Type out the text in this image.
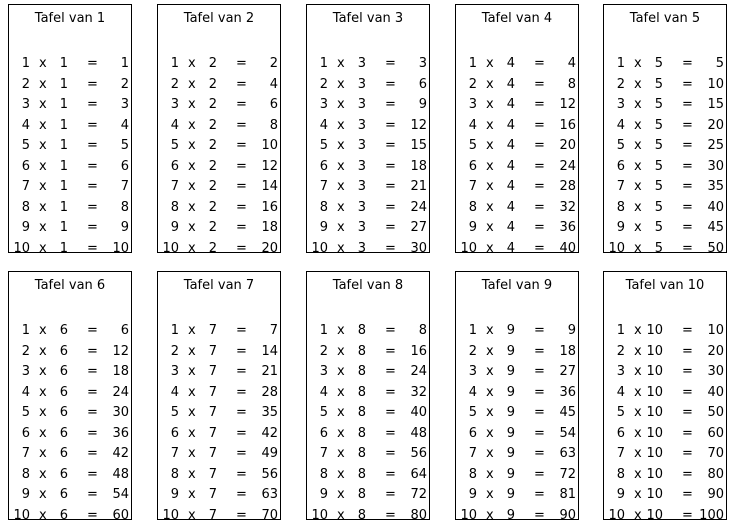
Tafel van 1
1 x 1 = 1
2 x 1 = 2
3 x 1 = 3
4 x 1 = 4
5 x 1 = 5
6 x 1 = 6
7 x 1 = 7
8 x 1 = 8
9 x 1 = 9
10 x 1 = 10
Tafel van 2
1 x 2 = 2
2 x 2 = 4
3 x 2 = 6
4 x 2 = 8
5 x 2 = 10
6 x 2 = 12
7 x 2 = 14
8 x 2 = 16
9 x 2 = 18
10 x 2 = 20
Tafel van 3
1 x 3 = 3
2 x 3 = 6
3 x 3 = 9
4 x 3 = 12
5 x 3 = 15
6 x 3 = 18
7 x 3 = 21
8 x 3 = 24
9 x 3 = 27
10 x 3 = 30
Tafel van 4
1 x 4 = 4
2 x 4 = 8
3 x 4 = 12
4 x 4 = 16
5 x 4 = 20
6 x 4 = 24
7 x 4 = 28
8 x 4 = 32
9 x 4 = 36
10 x 4 = 40
Tafel van 5
1 x 5 = 5
2 x 5 = 10
3 x 5 = 15
4 x 5 = 20
5 x 5 = 25
6 x 5 = 30
7 x 5 = 35
8 x 5 = 40
9 x 5 = 45
10 x 5 = 50
Tafel van 6
1 x 6 = 6
2 x 6 = 12
3 x 6 = 18
4 x 6 = 24
5 x 6 = 30
6 x 6 = 36
7 x 6 = 42
8 x 6 = 48
9 x 6 = 54
10 x 6 = 60
Tafel van 7
1 x 7 = 7
2 x 7 = 14
3 x 7 = 21
4 x 7 = 28
5 x 7 = 35
6 x 7 = 42
7 x 7 = 49
8 x 7 = 56
9 x 7 = 63
10 x 7 = 70
Tafel van 8
1 x 8 = 8
2 x 8 = 16
3 x 8 = 24
4 x 8 = 32
5 x 8 = 40
6 x 8 = 48
7 x 8 = 56
8 x 8 = 64
9 x 8 = 72
10 x 8 = 80
Tafel van 9
1 x 9 = 9
2 x 9 = 18
3 x 9 = 27
4 x 9 = 36
5 x 9 = 45
6 x 9 = 54
7 x 9 = 63
8 x 9 = 72
9 x 9 = 81
10 x 9 = 90
Tafel van 10
1 x 10 = 10
2 x 10 = 20
3 x 10 = 30
4 x 10 = 40
5 x 10 = 50
6 x 10 = 60
7 x 10 = 70
8 x 10 = 80
9 x 10 = 90
10 x 10 = 100
